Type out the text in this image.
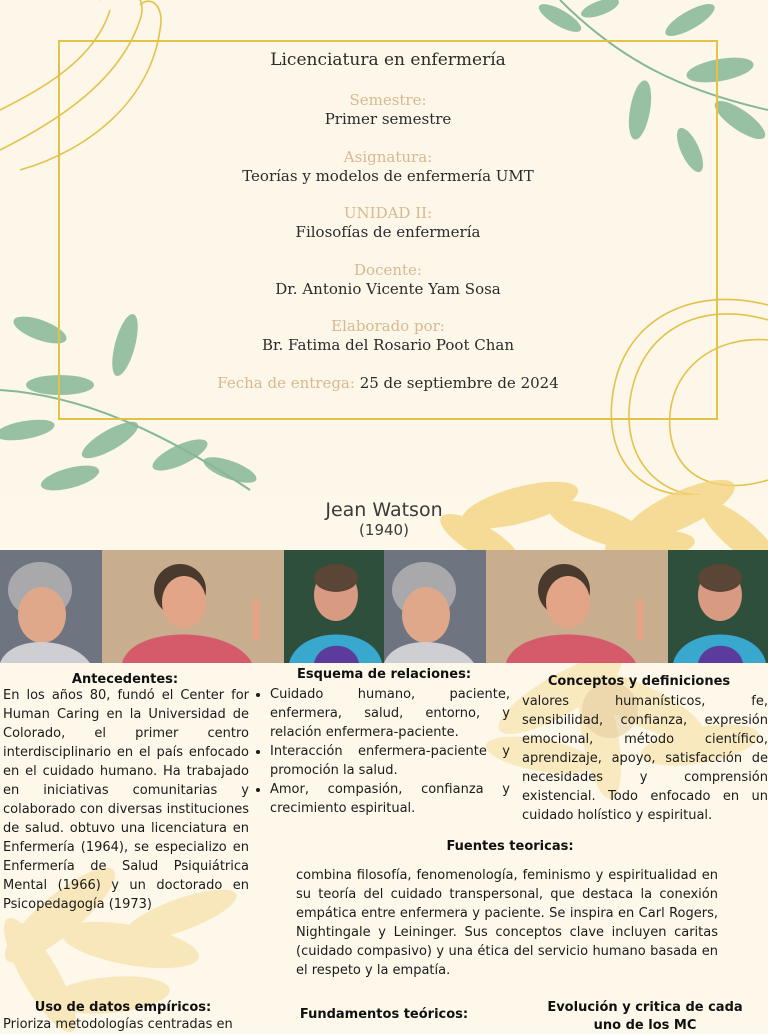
Licenciatura en enfermería
Semestre:
Primer semestre
Asignatura:
Teorías y modelos de enfermería UMT
UNIDAD II:
Filosofías de enfermería
Docente:
Dr. Antonio Vicente Yam Sosa
Elaborado por:
Br. Fatima del Rosario Poot Chan
Fecha de entrega: 25 de septiembre de 2024
Jean Watson
(1940)
Antecedentes:
En los años 80, fundó el Center for Human Caring en la Universidad de Colorado, el primer centro interdisciplinario en el país enfocado en el cuidado humano. Ha trabajado en iniciativas comunitarias y colaborado con diversas instituciones de salud. obtuvo una licenciatura en Enfermería (1964), se especializo en Enfermería de Salud Psiquiátrica Mental (1966) y un doctorado en Psicopedagogía (1973)
Esquema de relaciones:
• Cuidado humano, paciente, enfermera, salud, entorno, y relación enfermera-paciente.
• Interacción enfermera-paciente y promoción la salud.
• Amor, compasión, confianza y crecimiento espiritual.
Conceptos y definiciones
valores humanísticos, fe, sensibilidad, confianza, expresión emocional, método científico, aprendizaje, apoyo, satisfacción de necesidades y comprensión existencial. Todo enfocado en un cuidado holístico y espiritual.
Fuentes teoricas:
combina filosofía, fenomenología, feminismo y espiritualidad en su teoría del cuidado transpersonal, que destaca la conexión empática entre enfermera y paciente. Se inspira en Carl Rogers, Nightingale y Leininger. Sus conceptos clave incluyen caritas (cuidado compasivo) y una ética del servicio humano basada en el respeto y la empatía.
Uso de datos empíricos:
Prioriza metodologías centradas en
Fundamentos teóricos:	Evolución y critica de cada
uno de los MC
